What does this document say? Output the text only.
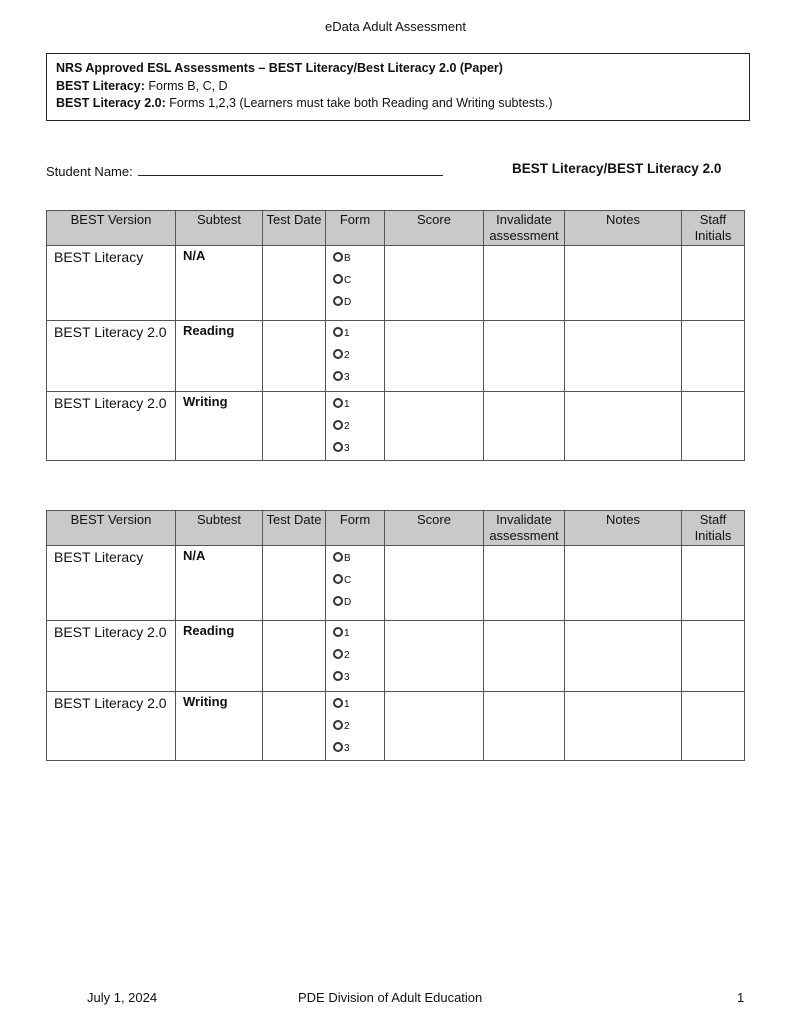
eData Adult Assessment
NRS Approved ESL Assessments – BEST Literacy/Best Literacy 2.0 (Paper)
BEST Literacy: Forms B, C, D
BEST Literacy 2.0: Forms 1,2,3 (Learners must take both Reading and Writing subtests.)
Student Name:	BEST Literacy/BEST Literacy 2.0
BEST Version	Subtest	Test Date	Form	Score	Invalidate assessment	Notes	Staff Initials

BEST Literacy	N/A		B
C
D				

BEST Literacy 2.0	Reading		1
2
3				

BEST Literacy 2.0	Writing		1
2
3				

BEST Version	Subtest	Test Date	Form	Score	Invalidate assessment	Notes	Staff Initials

BEST Literacy	N/A		B
C
D				

BEST Literacy 2.0	Reading		1
2
3				

BEST Literacy 2.0	Writing		1
2
3				

July 1, 2024	PDE Division of Adult Education	1
